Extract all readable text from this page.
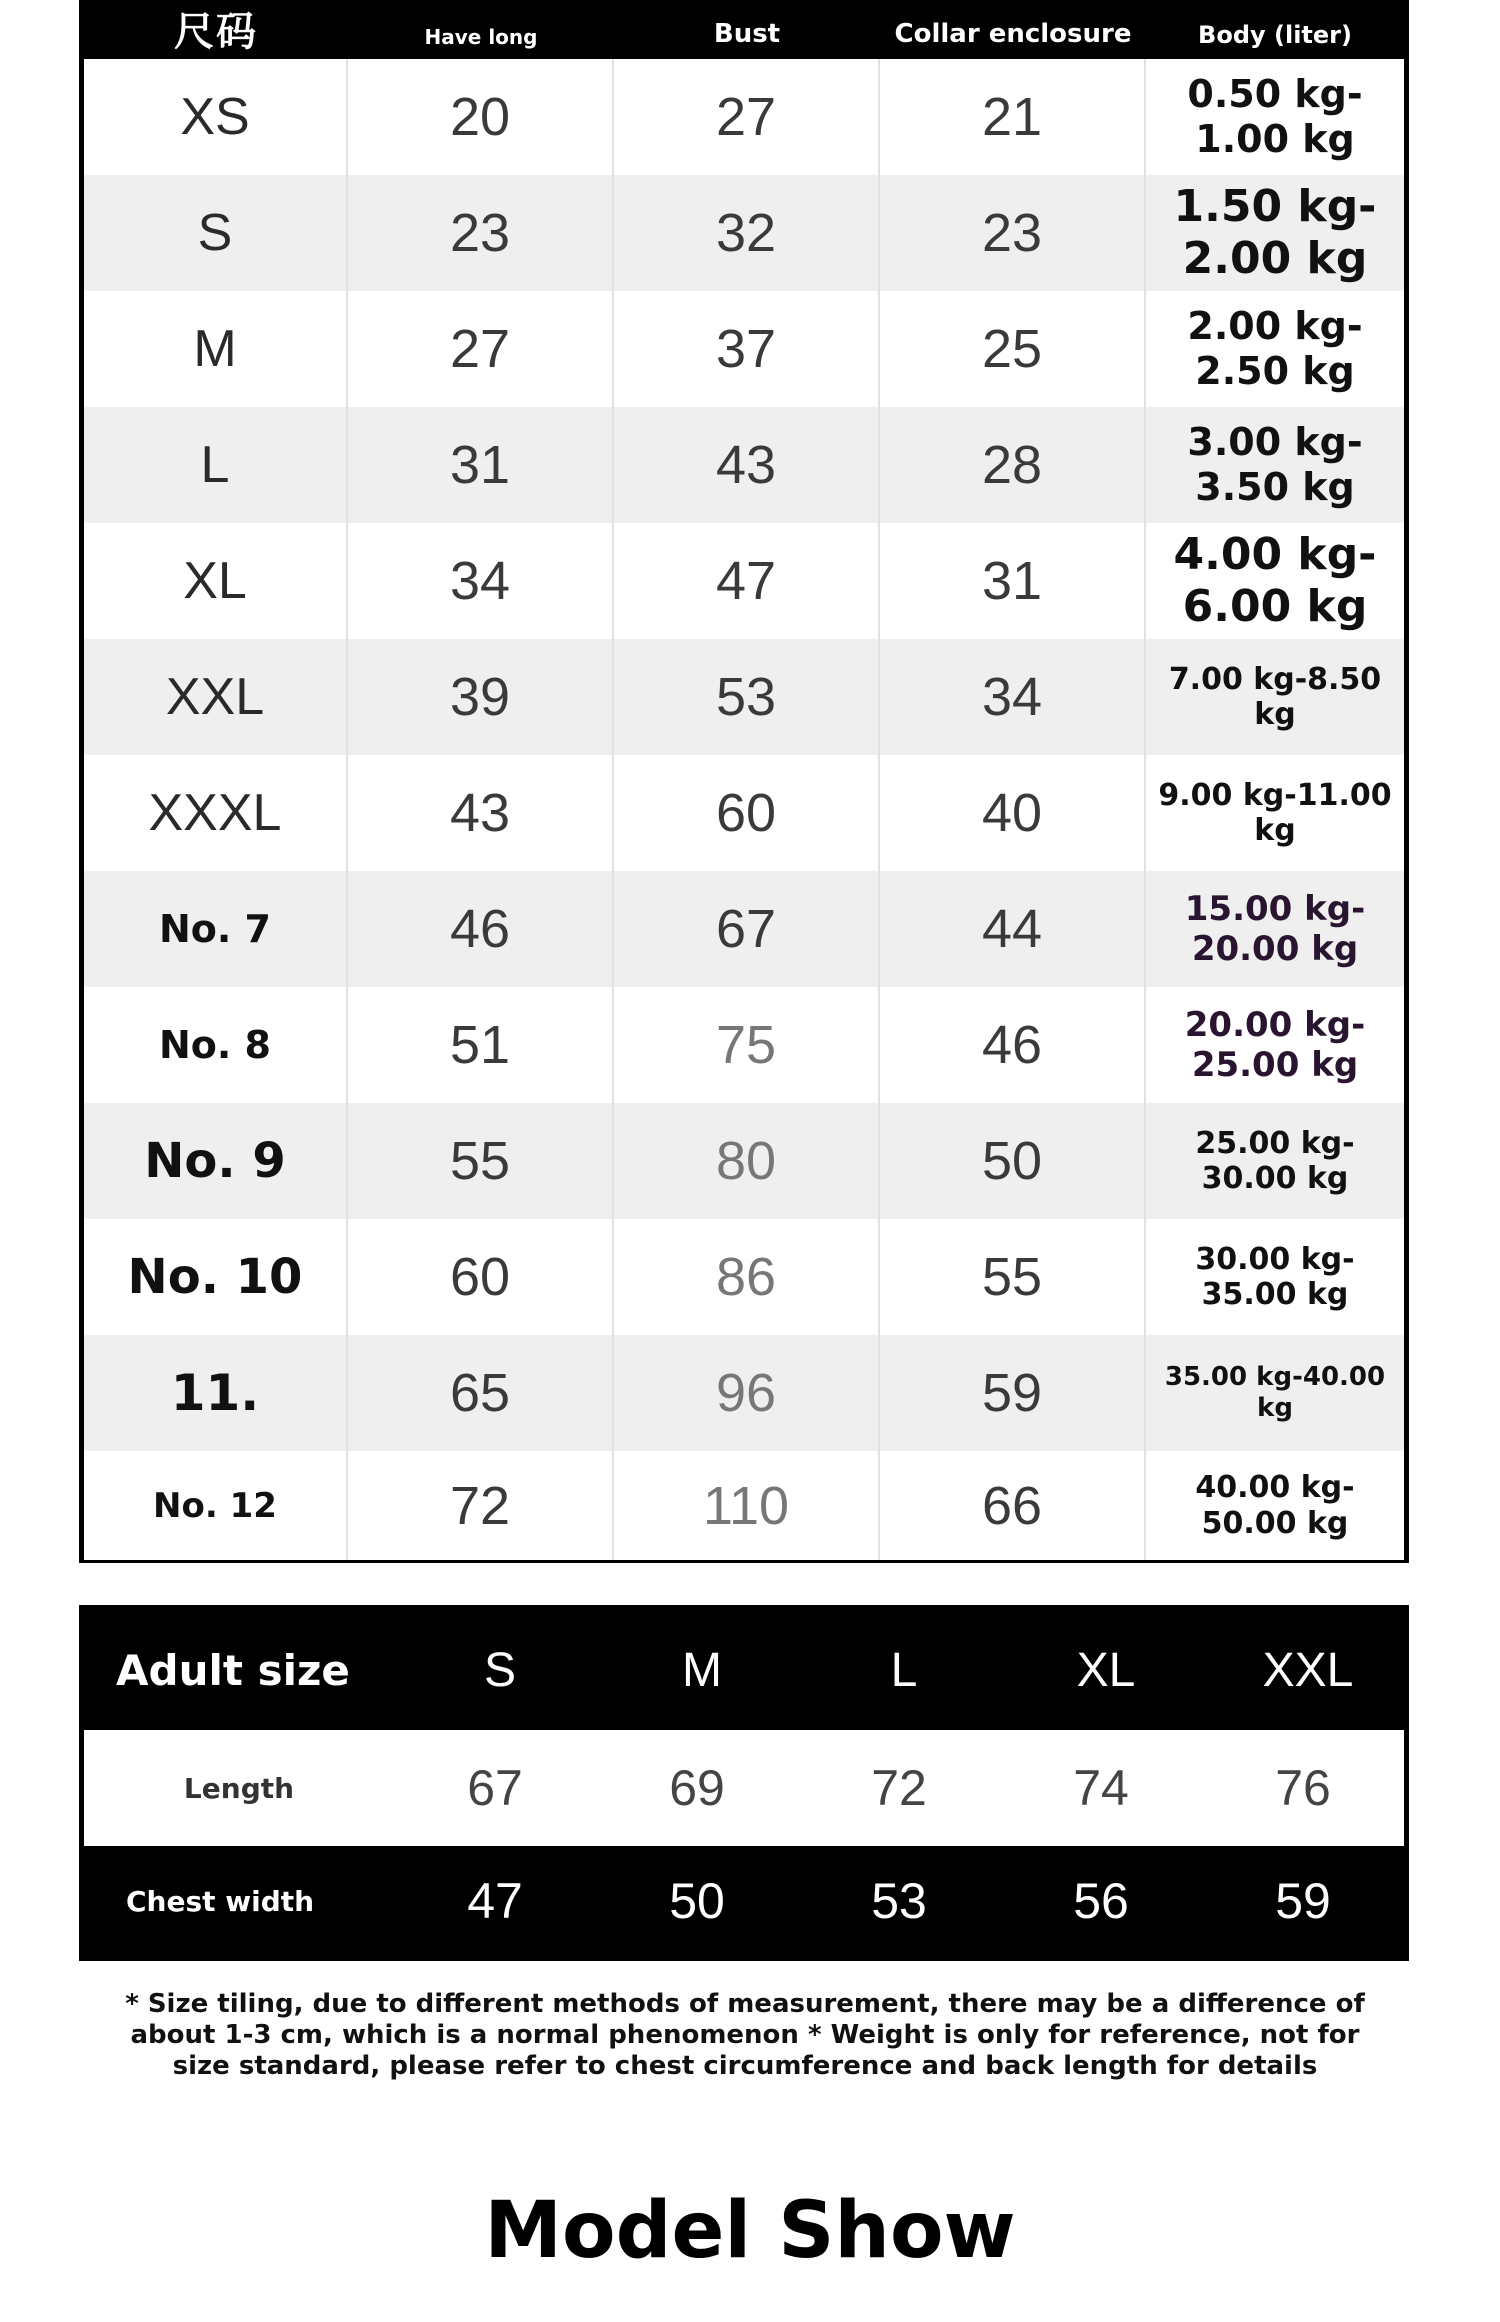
尺码	Have long	Bust	Collar enclosure	Body (liter)
XS	20	27	21	0.50 kg-1.00 kg
S	23	32	23	1.50 kg-2.00 kg
M	27	37	25	2.00 kg-2.50 kg
L	31	43	28	3.00 kg-3.50 kg
XL	34	47	31	4.00 kg-6.00 kg
XXL	39	53	34	7.00 kg-8.50 kg
XXXL	43	60	40	9.00 kg-11.00 kg
No. 7	46	67	44	15.00 kg-20.00 kg
No. 8	51	75	46	20.00 kg-25.00 kg
No. 9	55	80	50	25.00 kg-30.00 kg
No. 10	60	86	55	30.00 kg-35.00 kg
11.	65	96	59	35.00 kg-40.00 kg
No. 12	72	110	66	40.00 kg-50.00 kg
Adult size	S	M	L	XL	XXL
Length	67	69	72	74	76
Chest width	47	50	53	56	59
* Size tiling, due to different methods of measurement, there may be a difference of about 1-3 cm, which is a normal phenomenon * Weight is only for reference, not for size standard, please refer to chest circumference and back length for details
Model Show
